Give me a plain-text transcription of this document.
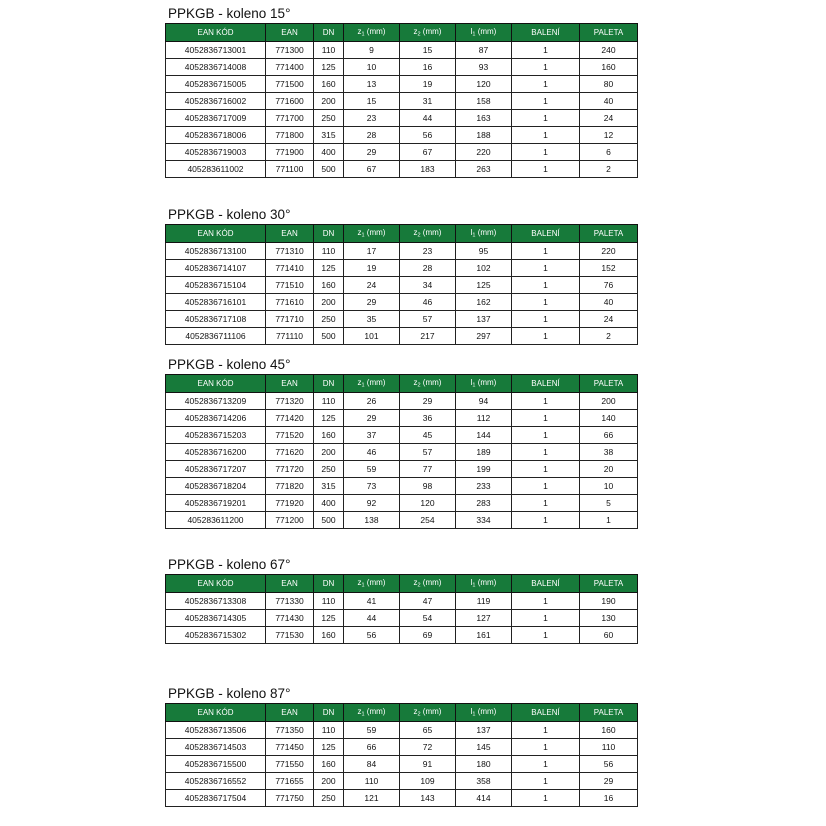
PPKGB - koleno 15°
EAN KÓD	EAN	DN	$z_1$ (mm)	$z_2$ (mm)	$l_1$ (mm)	BALENÍ	PALETA
4052836713001	771300	110	9	15	87	1	240
4052836714008	771400	125	10	16	93	1	160
4052836715005	771500	160	13	19	120	1	80
4052836716002	771600	200	15	31	158	1	40
4052836717009	771700	250	23	44	163	1	24
4052836718006	771800	315	28	56	188	1	12
4052836719003	771900	400	29	67	220	1	6
405283611002	771100	500	67	183	263	1	2
PPKGB - koleno 30°
EAN KÓD	EAN	DN	$z_1$ (mm)	$z_2$ (mm)	$l_1$ (mm)	BALENÍ	PALETA
4052836713100	771310	110	17	23	95	1	220
4052836714107	771410	125	19	28	102	1	152
4052836715104	771510	160	24	34	125	1	76
4052836716101	771610	200	29	46	162	1	40
4052836717108	771710	250	35	57	137	1	24
4052836711106	771110	500	101	217	297	1	2
PPKGB - koleno 45°
EAN KÓD	EAN	DN	$z_1$ (mm)	$z_2$ (mm)	$l_1$ (mm)	BALENÍ	PALETA
4052836713209	771320	110	26	29	94	1	200
4052836714206	771420	125	29	36	112	1	140
4052836715203	771520	160	37	45	144	1	66
4052836716200	771620	200	46	57	189	1	38
4052836717207	771720	250	59	77	199	1	20
4052836718204	771820	315	73	98	233	1	10
4052836719201	771920	400	92	120	283	1	5
405283611200	771200	500	138	254	334	1	1
PPKGB - koleno 67°
EAN KÓD	EAN	DN	$z_1$ (mm)	$z_2$ (mm)	$l_1$ (mm)	BALENÍ	PALETA
4052836713308	771330	110	41	47	119	1	190
4052836714305	771430	125	44	54	127	1	130
4052836715302	771530	160	56	69	161	1	60
PPKGB - koleno 87°
EAN KÓD	EAN	DN	$z_1$ (mm)	$z_2$ (mm)	$l_1$ (mm)	BALENÍ	PALETA
4052836713506	771350	110	59	65	137	1	160
4052836714503	771450	125	66	72	145	1	110
4052836715500	771550	160	84	91	180	1	56
4052836716552	771655	200	110	109	358	1	29
4052836717504	771750	250	121	143	414	1	16
